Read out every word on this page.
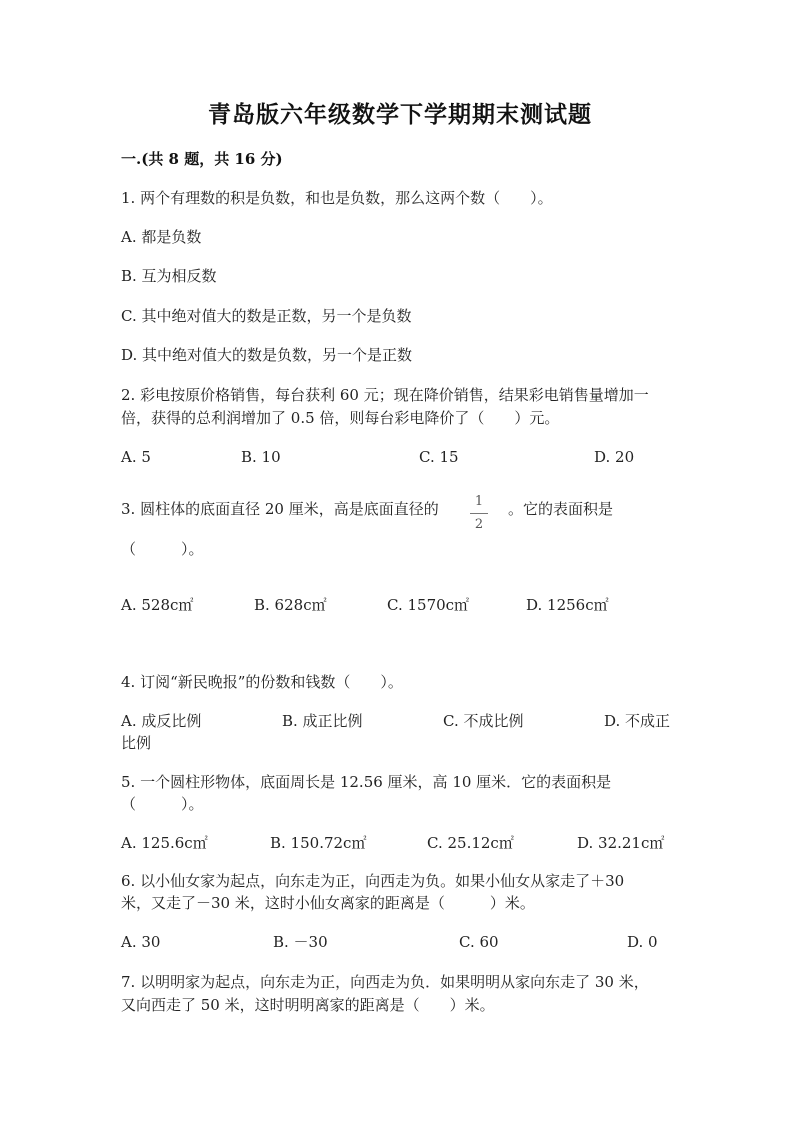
青岛版六年级数学下学期期末测试题
一.(共 8 题，共 16 分)
1. 两个有理数的积是负数，和也是负数，那么这两个数（　　）。
A. 都是负数
B. 互为相反数
C. 其中绝对值大的数是正数，另一个是负数
D. 其中绝对值大的数是负数，另一个是正数
2. 彩电按原价格销售，每台获利 60 元；现在降价销售，结果彩电销售量增加一
倍，获得的总利润增加了 0.5 倍，则每台彩电降价了（　　）元。
A. 5	B. 10	C. 15	D. 20
3. 圆柱体的底面直径 20 厘米，高是底面直径的	1
2
。它的表面积是
（　　　）。
A. 528c㎡	B. 628c㎡	C. 1570c㎡	D. 1256c㎡
4. 订阅“新民晚报”的份数和钱数（　　）。
A. 成反比例	B. 成正比例	C. 不成比例	D. 不成正
比例
5. 一个圆柱形物体，底面周长是 12.56 厘米，高 10 厘米．它的表面积是
（　　　）。
A. 125.6c㎡	B. 150.72c㎡	C. 25.12c㎡	D. 32.21c㎡
6. 以小仙女家为起点，向东走为正，向西走为负。如果小仙女从家走了＋30
米，又走了－30 米，这时小仙女离家的距离是（　　　）米。
A. 30	B. －30	C. 60	D. 0
7. 以明明家为起点，向东走为正，向西走为负．如果明明从家向东走了 30 米，
又向西走了 50 米，这时明明离家的距离是（　　）米。
